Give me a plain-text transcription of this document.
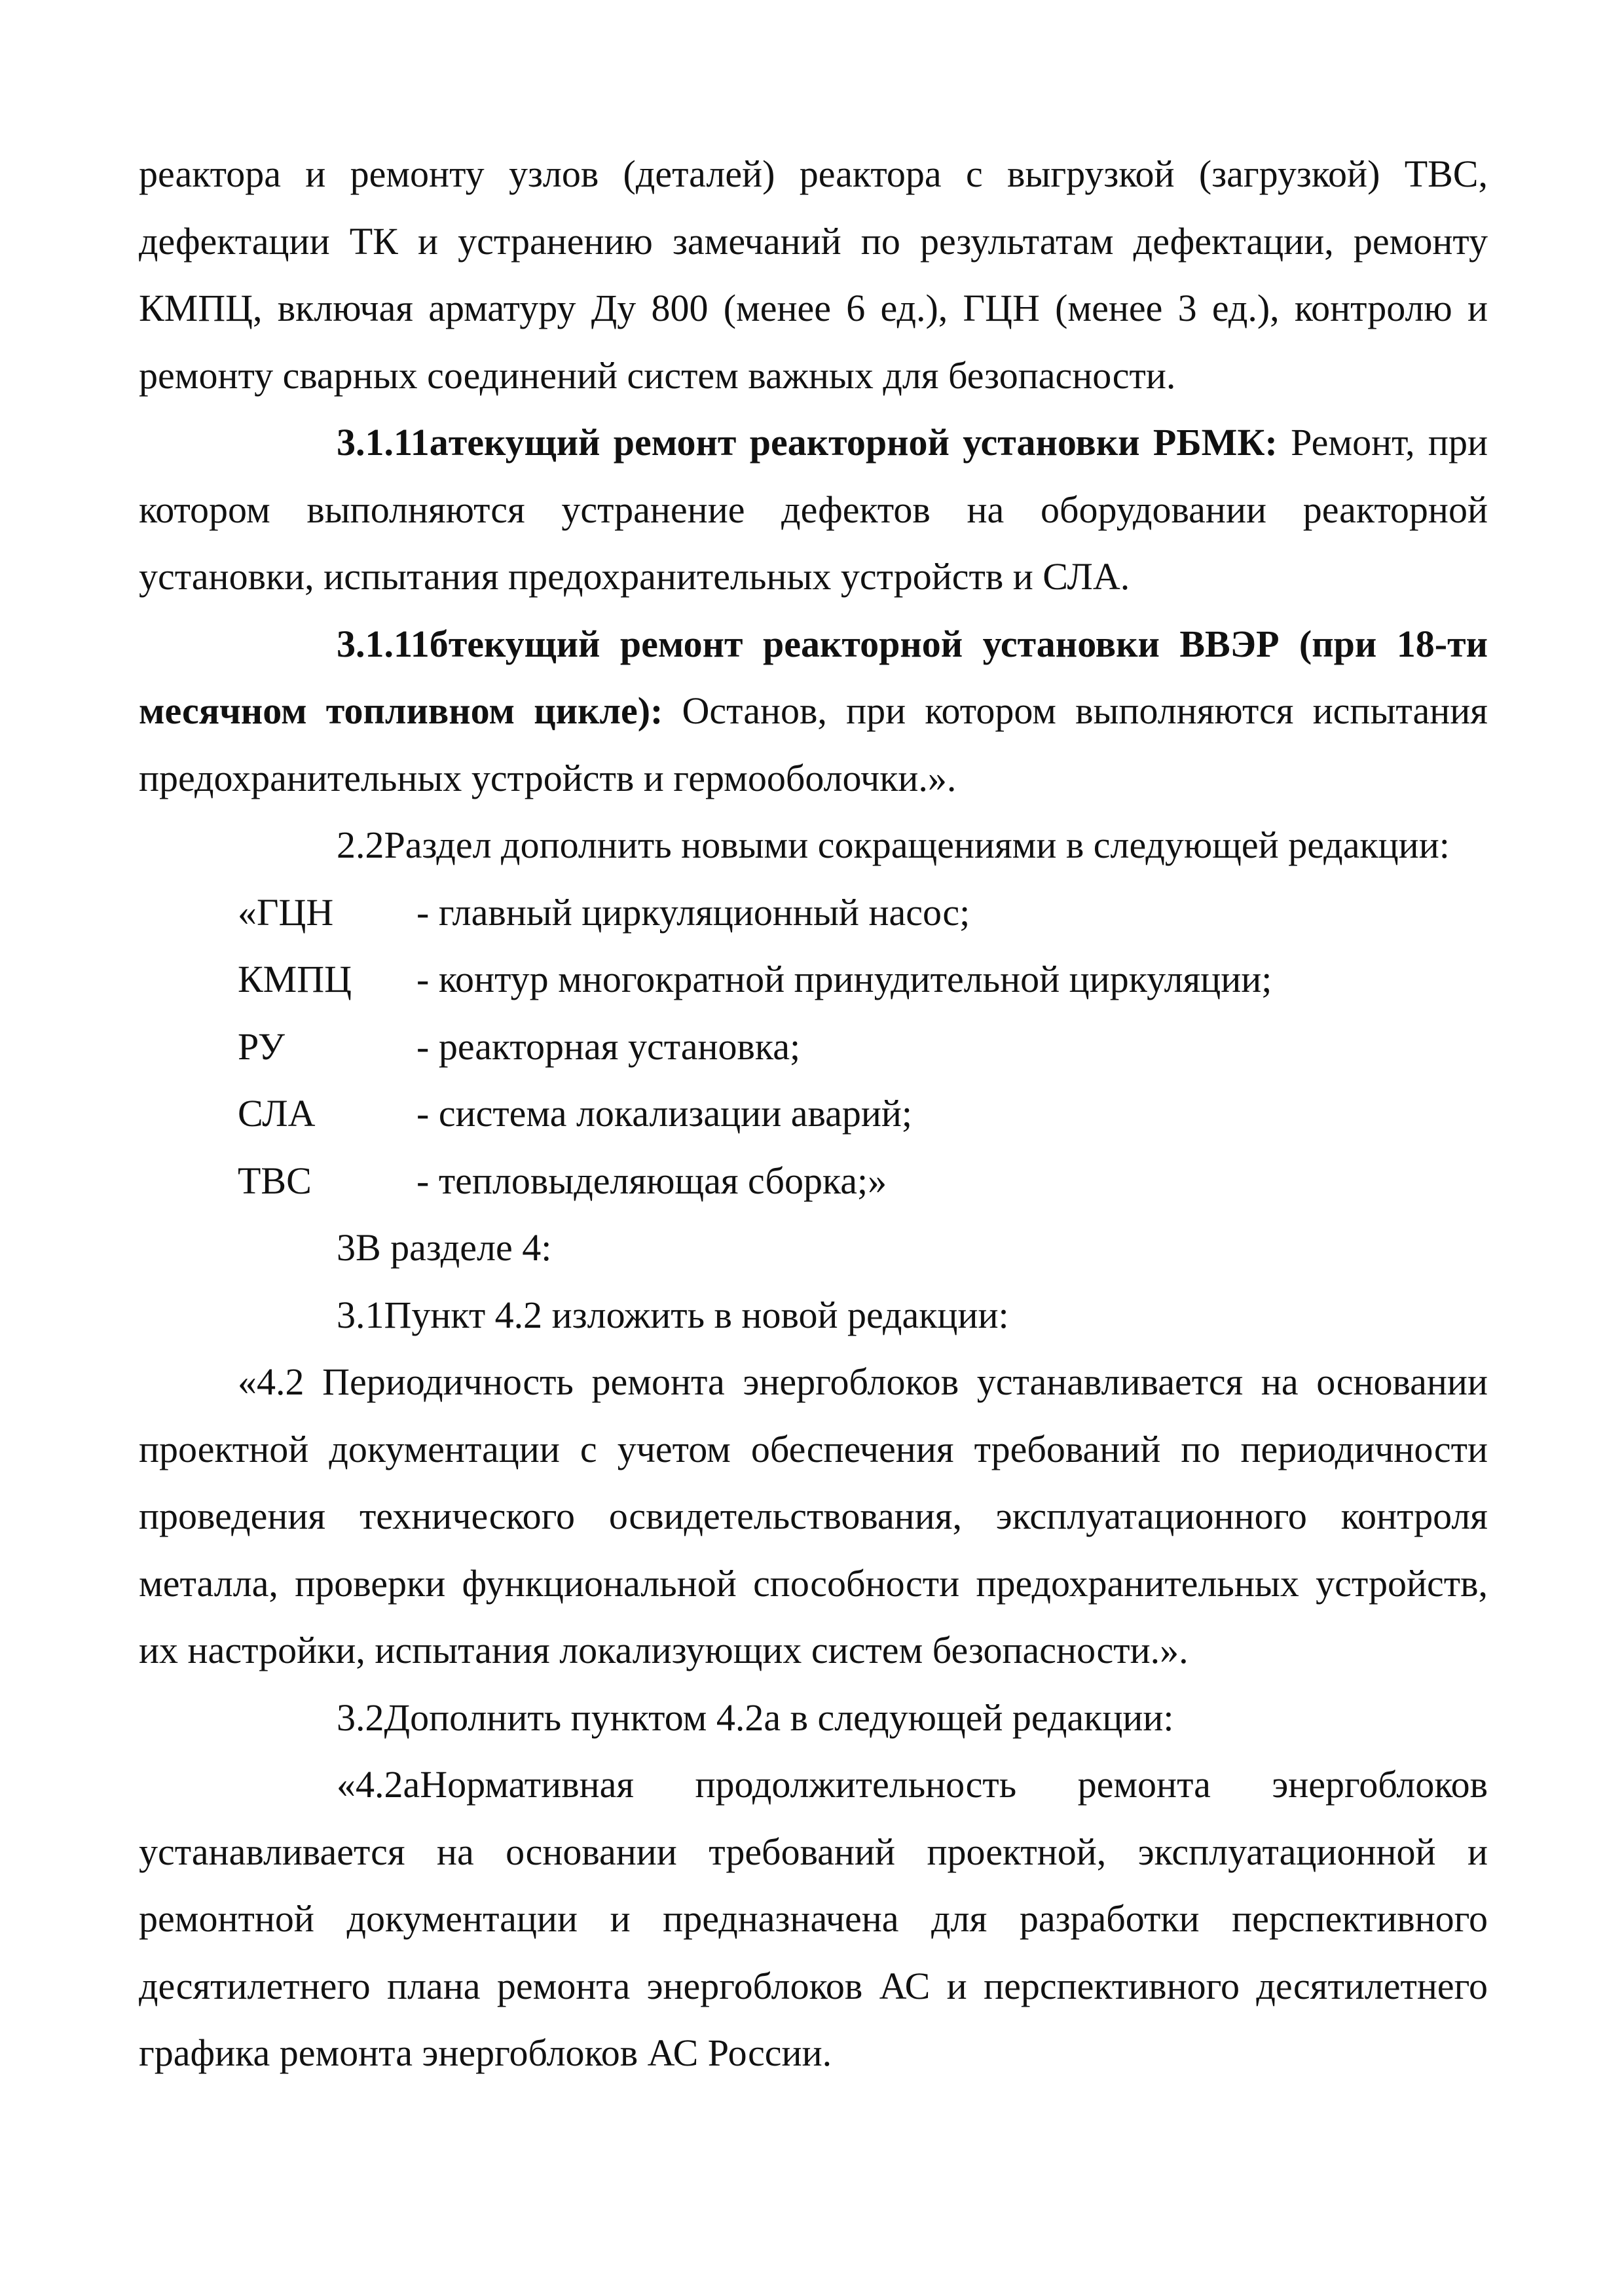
реактора и ремонту узлов (деталей) реактора с выгрузкой (загрузкой) ТВС,

дефектации ТК и устранению замечаний по результатам дефектации, ремонту

КМПЦ, включая арматуру Ду 800 (менее 6 ед.), ГЦН (менее 3 ед.), контролю и

ремонту сварных соединений систем важных для безопасности.

3.1.11атекущий ремонт реакторной установки РБМК: Ремонт, при

котором выполняются устранение дефектов на оборудовании реакторной

установки, испытания предохранительных устройств и СЛА.

3.1.11бтекущий ремонт реакторной установки ВВЭР (при 18-ти

месячном топливном цикле): Останов, при котором выполняются испытания

предохранительных устройств и гермооболочки.».

2.2Раздел дополнить новыми сокращениями в следующей редакции:

«ГЦН	- главный циркуляционный насос;
КМПЦ	- контур многократной принудительной циркуляции;
РУ	- реакторная установка;
СЛА	- система локализации аварий;
ТВС	- тепловыделяющая сборка;»

3В разделе 4:

3.1Пункт 4.2 изложить в новой редакции:

«4.2 Периодичность ремонта энергоблоков устанавливается на основании

проектной документации с учетом обеспечения требований по периодичности

проведения технического освидетельствования, эксплуатационного контроля

металла, проверки функциональной способности предохранительных устройств,

их настройки, испытания локализующих систем безопасности.».

3.2Дополнить пунктом 4.2а в следующей редакции:

«4.2аНормативная продолжительность ремонта энергоблоков

устанавливается на основании требований проектной, эксплуатационной и

ремонтной документации и предназначена для разработки перспективного

десятилетнего плана ремонта энергоблоков АС и перспективного десятилетнего

графика ремонта энергоблоков АС России.
